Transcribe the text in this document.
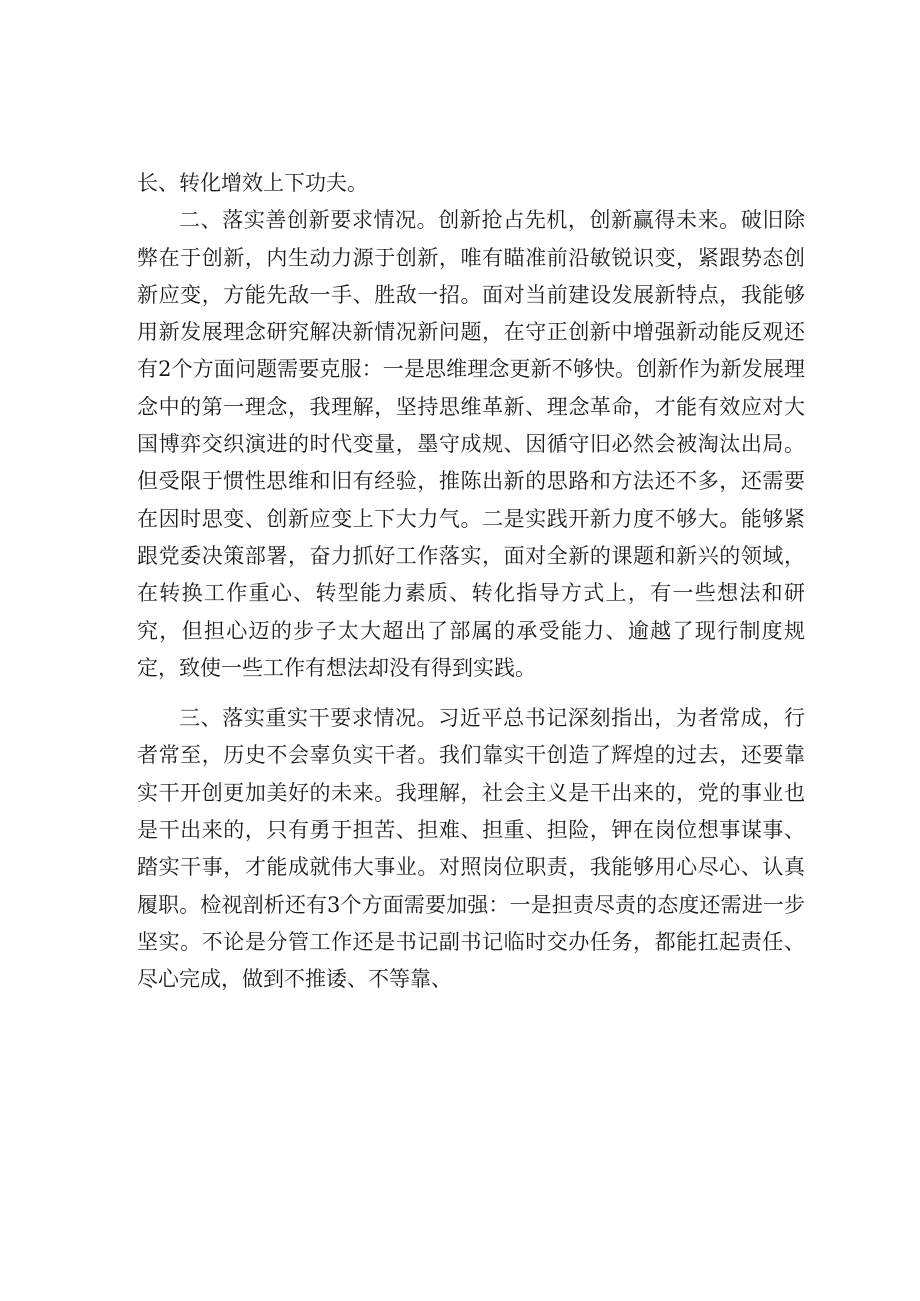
长、转化增效上下功夫。

二、落实善创新要求情况。创新抢占先机，创新赢得未来。破旧除弊在于创新，内生动力源于创新，唯有瞄准前沿敏锐识变，紧跟势态创新应变，方能先敌一手、胜敌一招。面对当前建设发展新特点，我能够用新发展理念研究解决新情况新问题，在守正创新中增强新动能反观还有2个方面问题需要克服：一是思维理念更新不够快。创新作为新发展理念中的第一理念，我理解，坚持思维革新、理念革命，才能有效应对大国博弈交织演进的时代变量，墨守成规、因循守旧必然会被淘汰出局。但受限于惯性思维和旧有经验，推陈出新的思路和方法还不多，还需要在因时思变、创新应变上下大力气。二是实践开新力度不够大。能够紧跟党委决策部署，奋力抓好工作落实，面对全新的课题和新兴的领域，在转换工作重心、转型能力素质、转化指导方式上，有一些想法和研究，但担心迈的步子太大超出了部属的承受能力、逾越了现行制度规定，致使一些工作有想法却没有得到实践。

三、落实重实干要求情况。习近平总书记深刻指出，为者常成，行者常至，历史不会辜负实干者。我们靠实干创造了辉煌的过去，还要靠实干开创更加美好的未来。我理解，社会主义是干出来的，党的事业也是干出来的，只有勇于担苦、担难、担重、担险，钾在岗位想事谋事、踏实干事，才能成就伟大事业。对照岗位职责，我能够用心尽心、认真履职。检视剖析还有3个方面需要加强：一是担责尽责的态度还需进一步坚实。不论是分管工作还是书记副书记临时交办任务，都能扛起责任、尽心完成，做到不推诿、不等靠、
